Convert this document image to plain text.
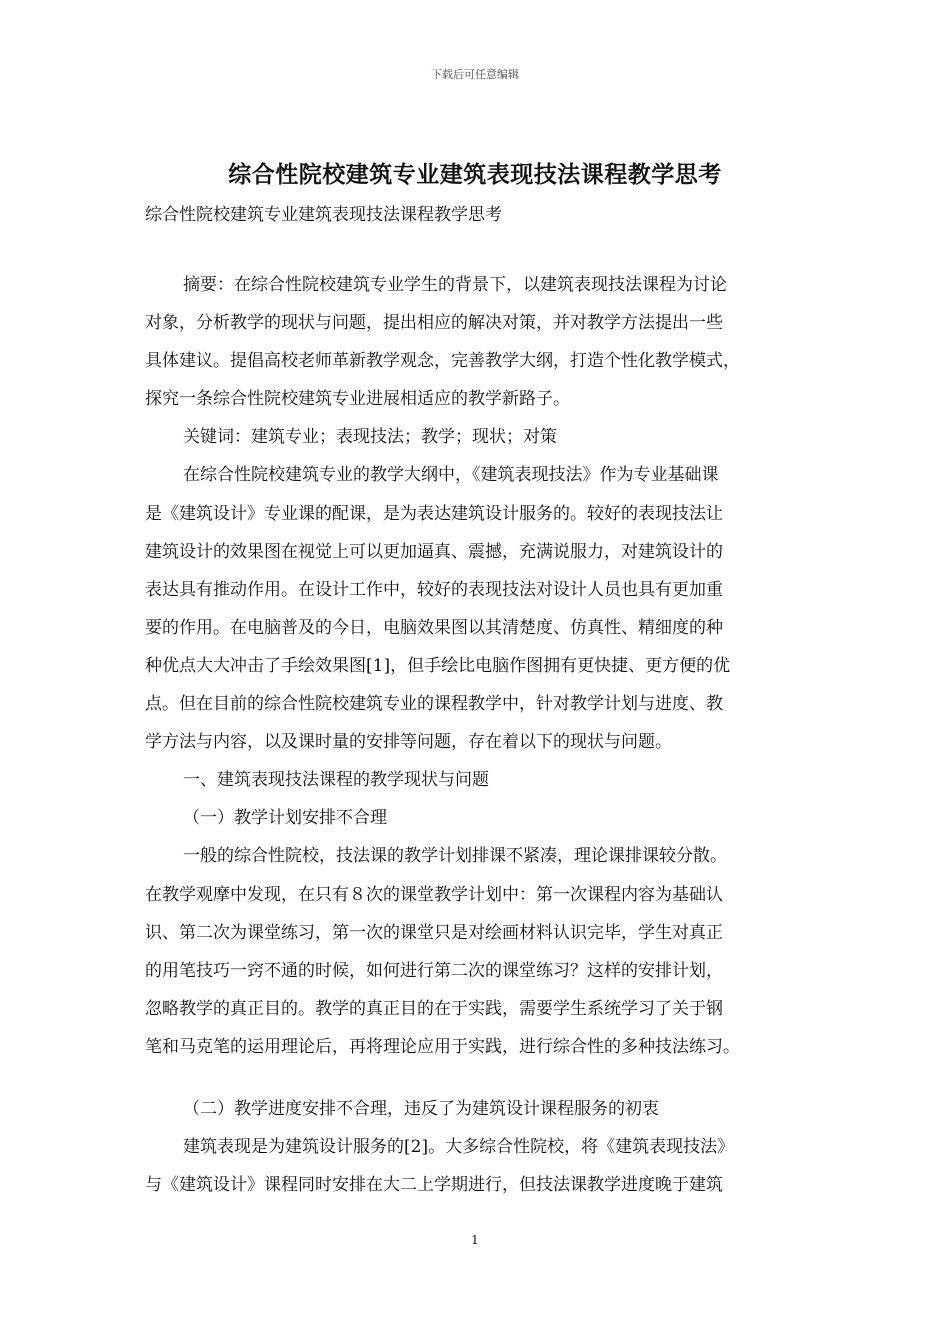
下载后可任意编辑
综合性院校建筑专业建筑表现技法课程教学思考
综合性院校建筑专业建筑表现技法课程教学思考
摘要：在综合性院校建筑专业学生的背景下，以建筑表现技法课程为讨论
对象，分析教学的现状与问题，提出相应的解决对策，并对教学方法提出一些
具体建议。提倡高校老师革新教学观念，完善教学大纲，打造个性化教学模式，
探究一条综合性院校建筑专业进展相适应的教学新路子。
关键词：建筑专业；表现技法；教学；现状；对策
在综合性院校建筑专业的教学大纲中，《建筑表现技法》作为专业基础课
是《建筑设计》专业课的配课，是为表达建筑设计服务的。较好的表现技法让
建筑设计的效果图在视觉上可以更加逼真、震撼，充满说服力，对建筑设计的
表达具有推动作用。在设计工作中，较好的表现技法对设计人员也具有更加重
要的作用。在电脑普及的今日，电脑效果图以其清楚度、仿真性、精细度的种
种优点大大冲击了手绘效果图[1]，但手绘比电脑作图拥有更快捷、更方便的优
点。但在目前的综合性院校建筑专业的课程教学中，针对教学计划与进度、教
学方法与内容，以及课时量的安排等问题，存在着以下的现状与问题。
一、建筑表现技法课程的教学现状与问题
（一）教学计划安排不合理
一般的综合性院校，技法课的教学计划排课不紧凑，理论课排课较分散。
在教学观摩中发现，在只有８次的课堂教学计划中：第一次课程内容为基础认
识、第二次为课堂练习，第一次的课堂只是对绘画材料认识完毕，学生对真正
的用笔技巧一窍不通的时候，如何进行第二次的课堂练习？这样的安排计划，
忽略教学的真正目的。教学的真正目的在于实践，需要学生系统学习了关于钢
笔和马克笔的运用理论后，再将理论应用于实践，进行综合性的多种技法练习。
（二）教学进度安排不合理，违反了为建筑设计课程服务的初衷
建筑表现是为建筑设计服务的[2]。大多综合性院校，将《建筑表现技法》
与《建筑设计》课程同时安排在大二上学期进行，但技法课教学进度晚于建筑
1
